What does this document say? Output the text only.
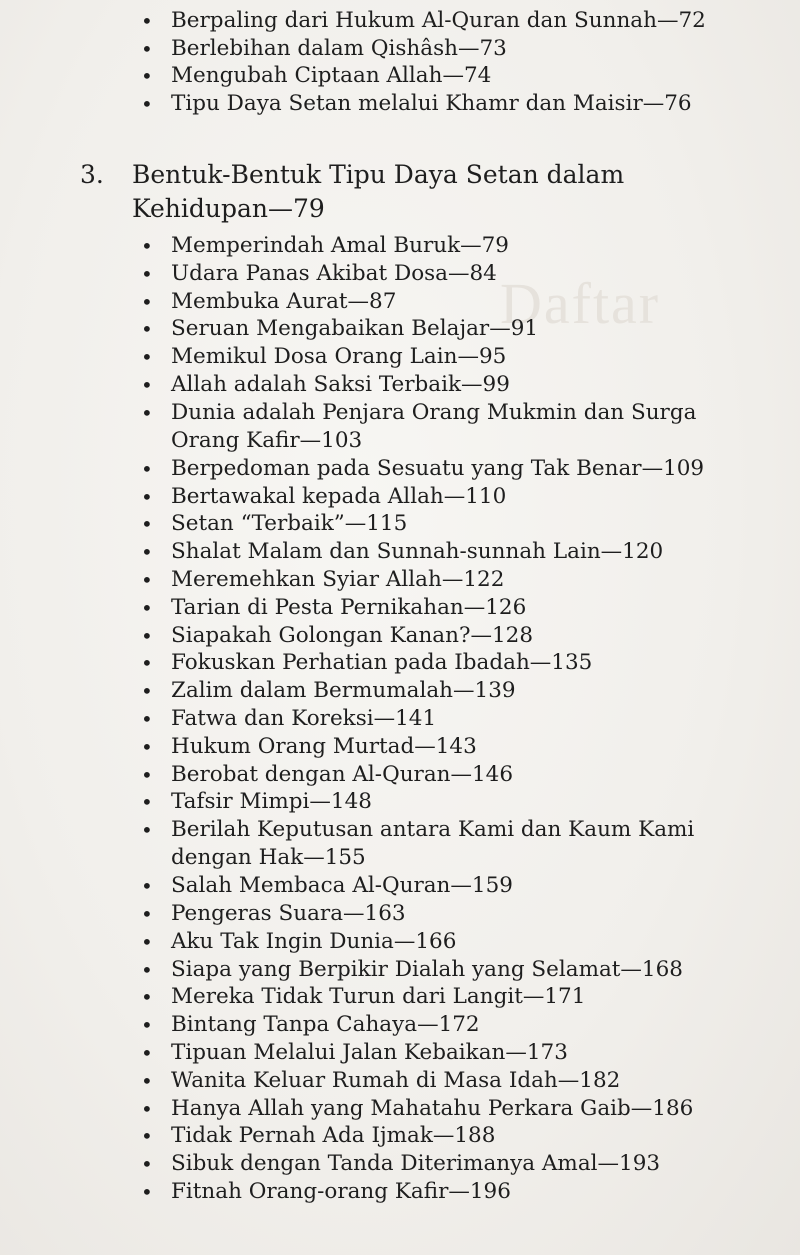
Daftar
• Berpaling dari Hukum Al-Quran dan Sunnah—72
• Berlebihan dalam Qishâsh—73
• Mengubah Ciptaan Allah—74
• Tipu Daya Setan melalui Khamr dan Maisir—76
3. Bentuk-Bentuk Tipu Daya Setan dalam
Kehidupan—79
• Memperindah Amal Buruk—79
• Udara Panas Akibat Dosa—84
• Membuka Aurat—87
• Seruan Mengabaikan Belajar—91
• Memikul Dosa Orang Lain—95
• Allah adalah Saksi Terbaik—99
• Dunia adalah Penjara Orang Mukmin dan Surga
Orang Kafir—103
• Berpedoman pada Sesuatu yang Tak Benar—109
• Bertawakal kepada Allah—110
• Setan “Terbaik”—115
• Shalat Malam dan Sunnah-sunnah Lain—120
• Meremehkan Syiar Allah—122
• Tarian di Pesta Pernikahan—126
• Siapakah Golongan Kanan?—128
• Fokuskan Perhatian pada Ibadah—135
• Zalim dalam Bermumalah—139
• Fatwa dan Koreksi—141
• Hukum Orang Murtad—143
• Berobat dengan Al-Quran—146
• Tafsir Mimpi—148
• Berilah Keputusan antara Kami dan Kaum Kami
dengan Hak—155
• Salah Membaca Al-Quran—159
• Pengeras Suara—163
• Aku Tak Ingin Dunia—166
• Siapa yang Berpikir Dialah yang Selamat—168
• Mereka Tidak Turun dari Langit—171
• Bintang Tanpa Cahaya—172
• Tipuan Melalui Jalan Kebaikan—173
• Wanita Keluar Rumah di Masa Idah—182
• Hanya Allah yang Mahatahu Perkara Gaib—186
• Tidak Pernah Ada Ijmak—188
• Sibuk dengan Tanda Diterimanya Amal—193
• Fitnah Orang-orang Kafir—196
